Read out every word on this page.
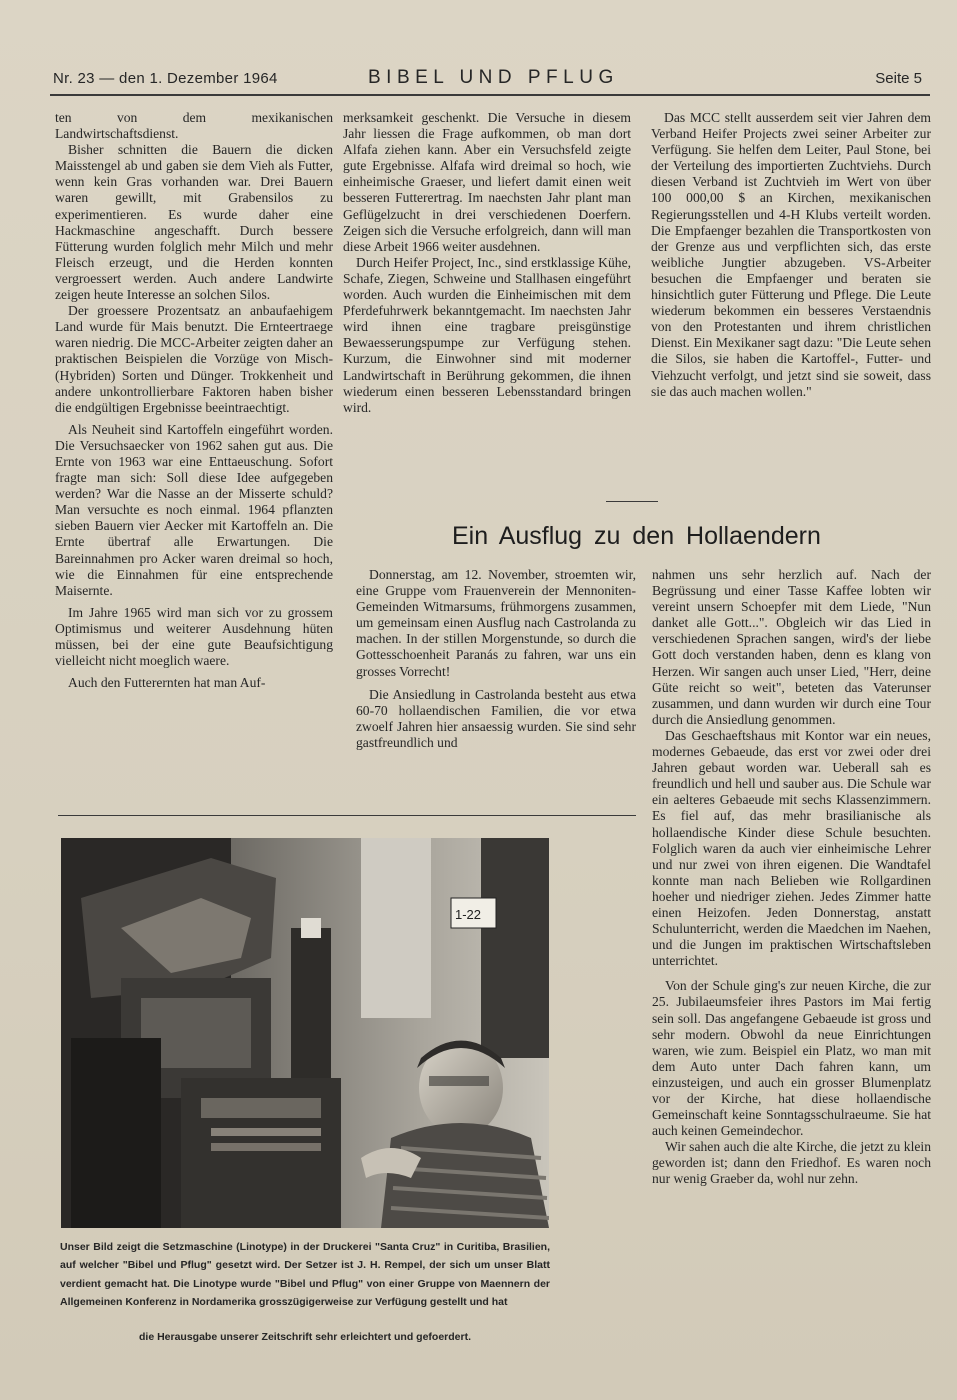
Nr. 23 — den 1. Dezember 1964	BIBEL UND PFLUG	Seite 5

ten von dem mexikanischen Landwirtschaftsdienst.

Bisher schnitten die Bauern die dicken Maisstengel ab und gaben sie dem Vieh als Futter, wenn kein Gras vorhanden war. Drei Bauern waren gewillt, mit Grabensilos zu experimentieren. Es wurde daher eine Hackmaschine angeschafft. Durch bessere Fütterung wurden folglich mehr Milch und mehr Fleisch erzeugt, und die Herden konnten vergroessert werden. Auch andere Landwirte zeigen heute Interesse an solchen Silos.

Der groessere Prozentsatz an anbaufaehigem Land wurde für Mais benutzt. Die Ernteertraege waren niedrig. Die MCC-Arbeiter zeigten daher an praktischen Beispielen die Vorzüge von Misch-(Hybriden) Sorten und Dünger. Trokkenheit und andere unkontrollierbare Faktoren haben bisher die endgültigen Ergebnisse beeintraechtigt.

Als Neuheit sind Kartoffeln eingeführt worden. Die Versuchsaecker von 1962 sahen gut aus. Die Ernte von 1963 war eine Enttaeuschung. Sofort fragte man sich: Soll diese Idee aufgegeben werden? War die Nasse an der Misserte schuld? Man versuchte es noch einmal. 1964 pflanzten sieben Bauern vier Aecker mit Kartoffeln an. Die Ernte übertraf alle Erwartungen. Die Bareinnahmen pro Acker waren dreimal so hoch, wie die Einnahmen für eine entsprechende Maisernte.

Im Jahre 1965 wird man sich vor zu grossem Optimismus und weiterer Ausdehnung hüten müssen, bei der eine gute Beaufsichtigung vielleicht nicht moeglich waere.

Auch den Futterernten hat man Auf-

merksamkeit geschenkt. Die Versuche in diesem Jahr liessen die Frage aufkommen, ob man dort Alfafa ziehen kann. Aber ein Versuchsfeld zeigte gute Ergebnisse. Alfafa wird dreimal so hoch, wie einheimische Graeser, und liefert damit einen weit besseren Futterertrag. Im naechsten Jahr plant man Geflügelzucht in drei verschiedenen Doerfern. Zeigen sich die Versuche erfolgreich, dann will man diese Arbeit 1966 weiter ausdehnen.

Durch Heifer Project, Inc., sind erstklassige Kühe, Schafe, Ziegen, Schweine und Stallhasen eingeführt worden. Auch wurden die Einheimischen mit dem Pferdefuhrwerk bekanntgemacht. Im naechsten Jahr wird ihnen eine tragbare preisgünstige Bewaesserungspumpe zur Verfügung stehen. Kurzum, die Einwohner sind mit moderner Landwirtschaft in Berührung gekommen, die ihnen wiederum einen besseren Lebensstandard bringen wird.

Das MCC stellt ausserdem seit vier Jahren dem Verband Heifer Projects zwei seiner Arbeiter zur Verfügung. Sie helfen dem Leiter, Paul Stone, bei der Verteilung des importierten Zuchtviehs. Durch diesen Verband ist Zuchtvieh im Wert von über 100 000,00 $ an Kirchen, mexikanischen Regierungsstellen und 4-H Klubs verteilt worden. Die Empfaenger bezahlen die Transportkosten von der Grenze aus und verpflichten sich, das erste weibliche Jungtier abzugeben. VS-Arbeiter besuchen die Empfaenger und beraten sie hinsichtlich guter Fütterung und Pflege. Die Leute wiederum bekommen ein besseres Verstaendnis von den Protestanten und ihrem christlichen Dienst. Ein Mexikaner sagt dazu: "Die Leute sehen die Silos, sie haben die Kartoffel-, Futter- und Viehzucht verfolgt, und jetzt sind sie soweit, dass sie das auch machen wollen."

Ein Ausflug zu den Hollaendern

Donnerstag, am 12. November, stroemten wir, eine Gruppe vom Frauenverein der Mennoniten-Gemeinden Witmarsums, frühmorgens zusammen, um gemeinsam einen Ausflug nach Castrolanda zu machen. In der stillen Morgenstunde, so durch die Gottesschoenheit Paranás zu fahren, war uns ein grosses Vorrecht!

Die Ansiedlung in Castrolanda besteht aus etwa 60-70 hollaendischen Familien, die vor etwa zwoelf Jahren hier ansaessig wurden. Sie sind sehr gastfreundlich und

nahmen uns sehr herzlich auf. Nach der Begrüssung und einer Tasse Kaffee lobten wir vereint unsern Schoepfer mit dem Liede, "Nun danket alle Gott...". Obgleich wir das Lied in verschiedenen Sprachen sangen, wird's der liebe Gott doch verstanden haben, denn es klang von Herzen. Wir sangen auch unser Lied, "Herr, deine Güte reicht so weit", beteten das Vaterunser zusammen, und dann wurden wir durch eine Tour durch die Ansiedlung genommen.

Das Geschaeftshaus mit Kontor war ein neues, modernes Gebaeude, das erst vor zwei oder drei Jahren gebaut worden war. Ueberall sah es freundlich und hell und sauber aus. Die Schule war ein aelteres Gebaeude mit sechs Klassenzimmern. Es fiel auf, das mehr brasilianische als hollaendische Kinder diese Schule besuchten. Folglich waren da auch vier einheimische Lehrer und nur zwei von ihren eigenen. Die Wandtafel konnte man nach Belieben wie Rollgardinen hoeher und niedriger ziehen. Jedes Zimmer hatte einen Heizofen. Jeden Donnerstag, anstatt Schulunterricht, werden die Maedchen im Naehen, und die Jungen im praktischen Wirtschaftsleben unterrichtet.

Von der Schule ging's zur neuen Kirche, die zur 25. Jubilaeumsfeier ihres Pastors im Mai fertig sein soll. Das angefangene Gebaeude ist gross und sehr modern. Obwohl da neue Einrichtungen waren, wie zum. Beispiel ein Platz, wo man mit dem Auto unter Dach fahren kann, um einzusteigen, und auch ein grosser Blumenplatz vor der Kirche, hat diese hollaendische Gemeinschaft keine Sonntagsschulraeume. Sie hat auch keinen Gemeindechor.

Wir sahen auch die alte Kirche, die jetzt zu klein geworden ist; dann den Friedhof. Es waren noch nur wenig Graeber da, wohl nur zehn.

1-22
Unser Bild zeigt die Setzmaschine (Linotype) in der Druckerei "Santa Cruz" in Curitiba, Brasilien, auf welcher "Bibel und Pflug" gesetzt wird. Der Setzer ist J. H. Rempel, der sich um unser Blatt verdient gemacht hat. Die Linotype wurde "Bibel und Pflug" von einer Gruppe von Maennern der Allgemeinen Konferenz in Nordamerika grosszügigerweise zur Verfügung gestellt und hat
die Herausgabe unserer Zeitschrift sehr erleichtert und gefoerdert.
